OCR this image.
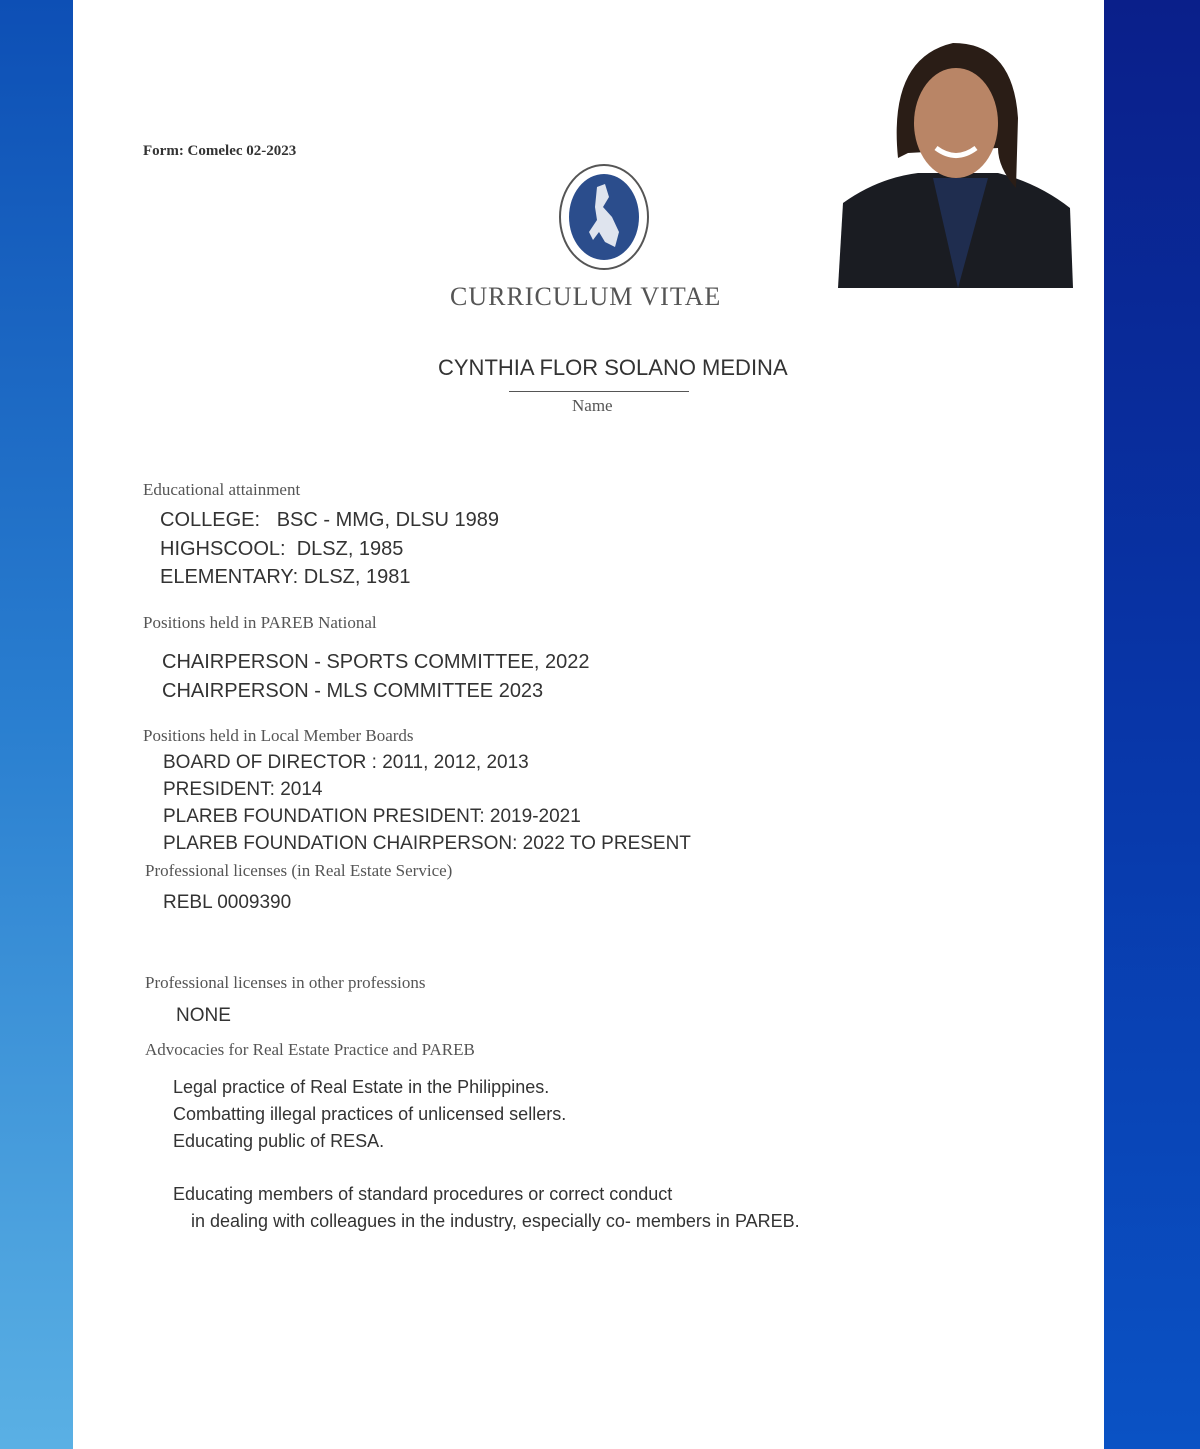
Form: Comelec 02-2023
CURRICULUM VITAE
CYNTHIA FLOR SOLANO MEDINA
Name
Educational attainment
COLLEGE:   BSC - MMG, DLSU 1989
HIGHSCOOL:  DLSZ, 1985
ELEMENTARY: DLSZ, 1981
Positions held in PAREB National
CHAIRPERSON - SPORTS COMMITTEE, 2022
CHAIRPERSON - MLS COMMITTEE 2023
Positions held in Local Member Boards
BOARD OF DIRECTOR : 2011, 2012, 2013
PRESIDENT: 2014
PLAREB FOUNDATION PRESIDENT: 2019-2021
PLAREB FOUNDATION CHAIRPERSON: 2022 TO PRESENT
Professional licenses (in Real Estate Service)
REBL 0009390
Professional licenses in other professions
NONE
Advocacies for Real Estate Practice and PAREB
Legal practice of Real Estate in the Philippines.
Combatting illegal practices of unlicensed sellers.
Educating public of RESA.
Educating members of standard procedures or correct conduct
in dealing with colleagues in the industry, especially co- members in PAREB.
